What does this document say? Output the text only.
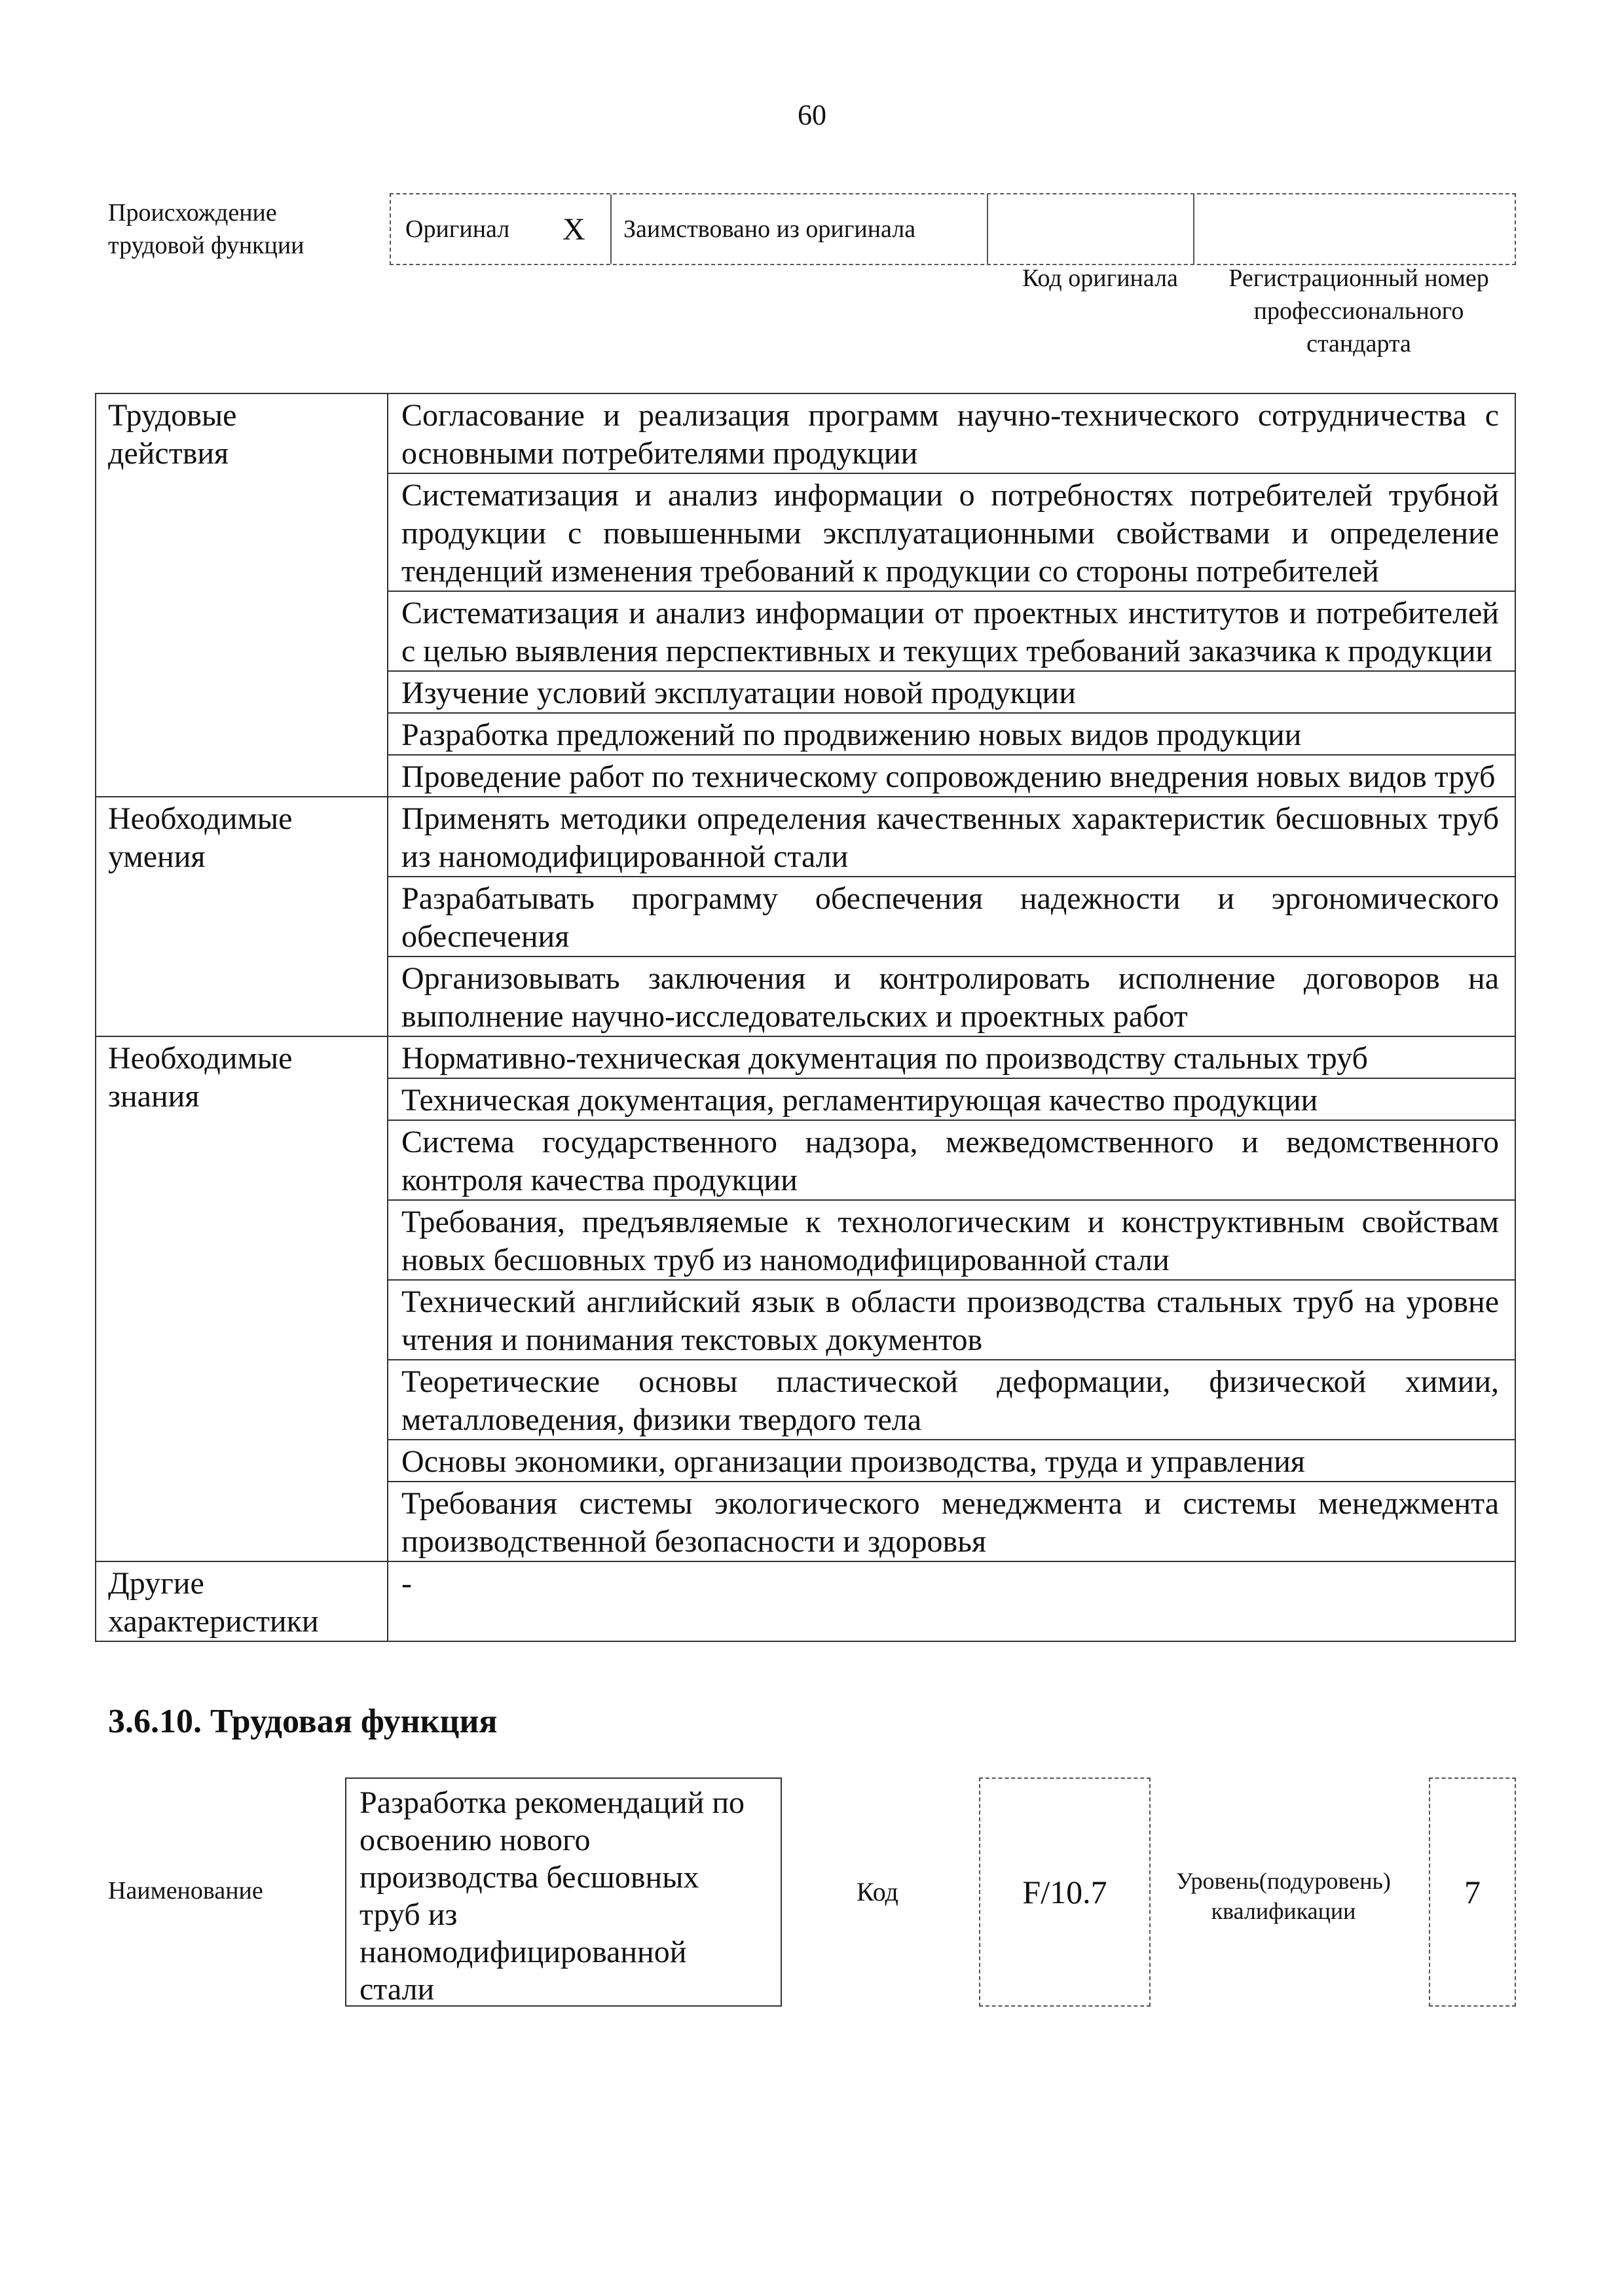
60
Происхождение
трудовой функции
Оригинал X Заимствовано из оригинала
Код оригинала	Регистрационный номер
профессионального
стандарта
Трудовые
действия	Согласование и реализация программ научно-технического сотрудничества с основными потребителями продукции
	Систематизация и анализ информации о потребностях потребителей трубной продукции с повышенными эксплуатационными свойствами и определение тенденций изменения требований к продукции со стороны потребителей
	Систематизация и анализ информации от проектных институтов и потребителей с целью выявления перспективных и текущих требований заказчика к продукции
	Изучение условий эксплуатации новой продукции
	Разработка предложений по продвижению новых видов продукции
	Проведение работ по техническому сопровождению внедрения новых видов труб

Необходимые
умения	Применять методики определения качественных характеристик бесшовных труб из наномодифицированной стали
	Разрабатывать программу обеспечения надежности и эргономического обеспечения
	Организовывать заключения и контролировать исполнение договоров на выполнение научно-исследовательских и проектных работ

Необходимые
знания	Нормативно-техническая документация по производству стальных труб
	Техническая документация, регламентирующая качество продукции
	Система государственного надзора, межведомственного и ведомственного контроля качества продукции
	Требования, предъявляемые к технологическим и конструктивным свойствам новых бесшовных труб из наномодифицированной стали
	Технический английский язык в области производства стальных труб на уровне чтения и понимания текстовых документов
	Теоретические основы пластической деформации, физической химии, металловедения, физики твердого тела
	Основы экономики, организации производства, труда и управления
	Требования системы экологического менеджмента и системы менеджмента производственной безопасности и здоровья

Другие
характеристики	-
3.6.10. Трудовая функция
Наименование
Разработка рекомендаций по
освоению нового
производства бесшовных
труб из
наномодифицированной
стали
Код	F/10.7	Уровень(подуровень)
квалификации
7
